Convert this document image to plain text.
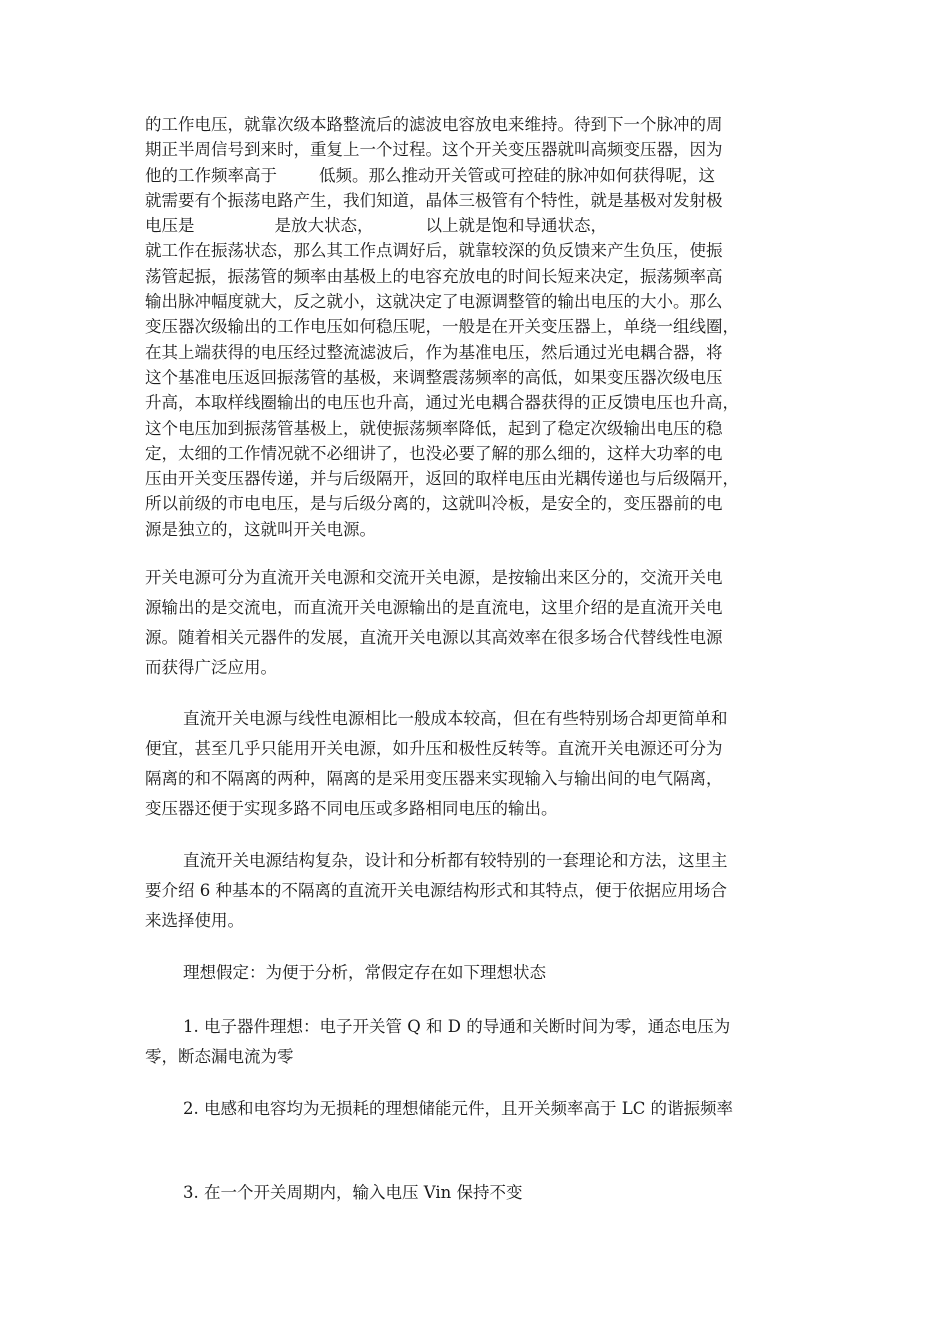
的工作电压，就靠次级本路整流后的滤波电容放电来维持。待到下一个脉冲的周
期正半周信号到来时，重复上一个过程。这个开关变压器就叫高频变压器，因为
他的工作频率高于	低频。那么推动开关管或可控硅的脉冲如何获得呢，这
就需要有个振荡电路产生，我们知道，晶体三极管有个特性，就是基极对发射极
电压是	是放大状态，	以上就是饱和导通状态，
就工作在振荡状态，那么其工作点调好后，就靠较深的负反馈来产生负压，使振
荡管起振，振荡管的频率由基极上的电容充放电的时间长短来决定，振荡频率高
输出脉冲幅度就大，反之就小，这就决定了电源调整管的输出电压的大小。那么
变压器次级输出的工作电压如何稳压呢，一般是在开关变压器上，单绕一组线圈，
在其上端获得的电压经过整流滤波后，作为基准电压，然后通过光电耦合器，将
这个基准电压返回振荡管的基极，来调整震荡频率的高低，如果变压器次级电压
升高，本取样线圈输出的电压也升高，通过光电耦合器获得的正反馈电压也升高，
这个电压加到振荡管基极上，就使振荡频率降低，起到了稳定次级输出电压的稳
定，太细的工作情况就不必细讲了，也没必要了解的那么细的，这样大功率的电
压由开关变压器传递，并与后级隔开，返回的取样电压由光耦传递也与后级隔开，
所以前级的市电电压，是与后级分离的，这就叫冷板，是安全的，变压器前的电
源是独立的，这就叫开关电源。
开关电源可分为直流开关电源和交流开关电源，是按输出来区分的，交流开关电
源输出的是交流电，而直流开关电源输出的是直流电，这里介绍的是直流开关电
源。随着相关元器件的发展，直流开关电源以其高效率在很多场合代替线性电源
而获得广泛应用。
直流开关电源与线性电源相比一般成本较高，但在有些特别场合却更简单和
便宜，甚至几乎只能用开关电源，如升压和极性反转等。直流开关电源还可分为
隔离的和不隔离的两种，隔离的是采用变压器来实现输入与输出间的电气隔离，
变压器还便于实现多路不同电压或多路相同电压的输出。
直流开关电源结构复杂，设计和分析都有较特别的一套理论和方法，这里主
要介绍 6 种基本的不隔离的直流开关电源结构形式和其特点，便于依据应用场合
来选择使用。
理想假定：为便于分析，常假定存在如下理想状态
1. 电子器件理想：电子开关管 Q 和 D 的导通和关断时间为零，通态电压为
零，断态漏电流为零
2. 电感和电容均为无损耗的理想储能元件，且开关频率高于 LC 的谐振频率
3. 在一个开关周期内，输入电压 Vin 保持不变
